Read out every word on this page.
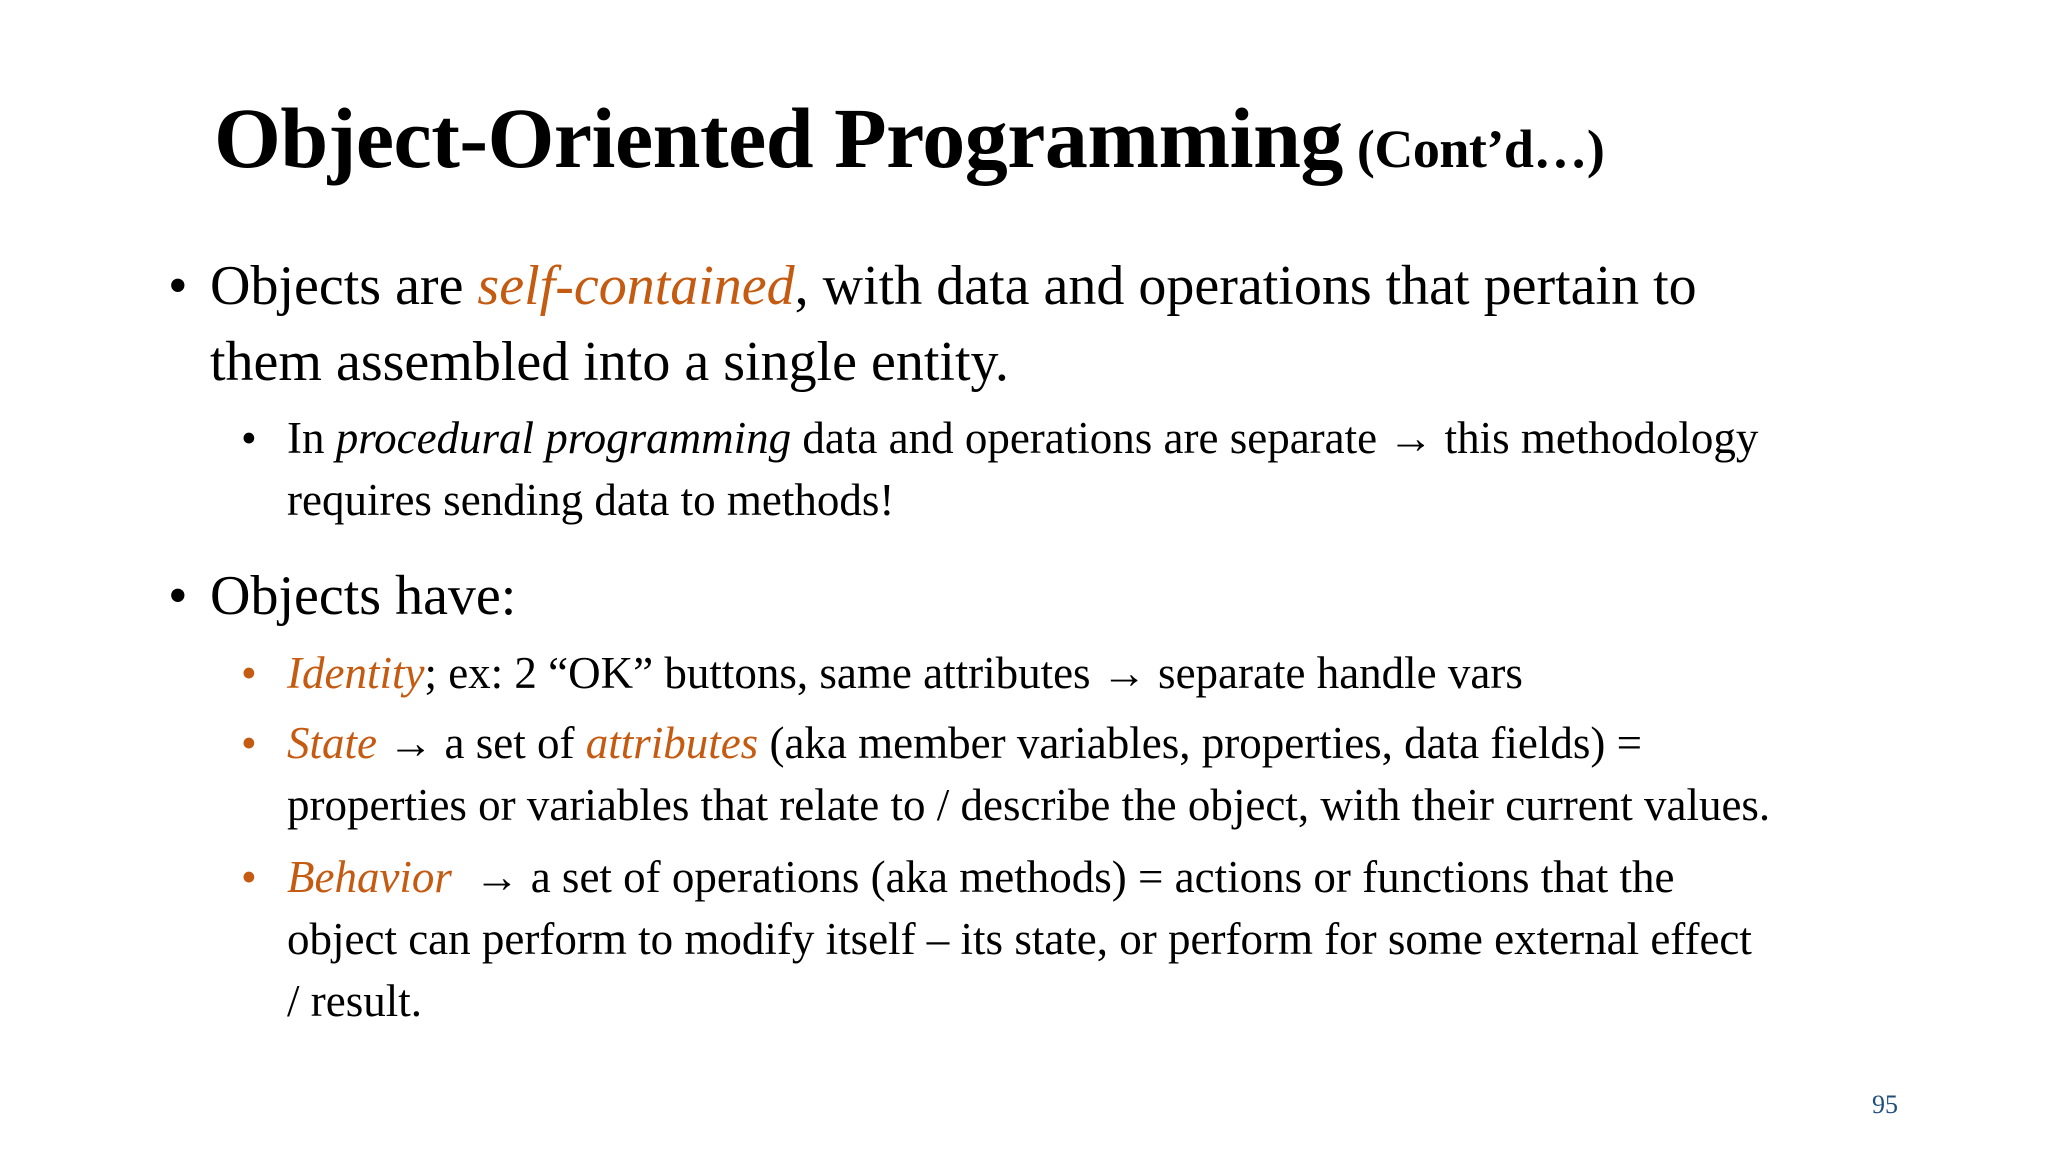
Object-Oriented Programming (Cont’d…)
• Objects are self-contained, with data and operations that pertain to
them assembled into a single entity.
• In procedural programming data and operations are separate → this methodology
requires sending data to methods!
• Objects have:
• Identity; ex: 2 “OK” buttons, same attributes → separate handle vars
• State → a set of attributes (aka member variables, properties, data fields) =
properties or variables that relate to / describe the object, with their current values.
• Behavior  → a set of operations (aka methods) = actions or functions that the
object can perform to modify itself – its state, or perform for some external effect
/ result.
95
